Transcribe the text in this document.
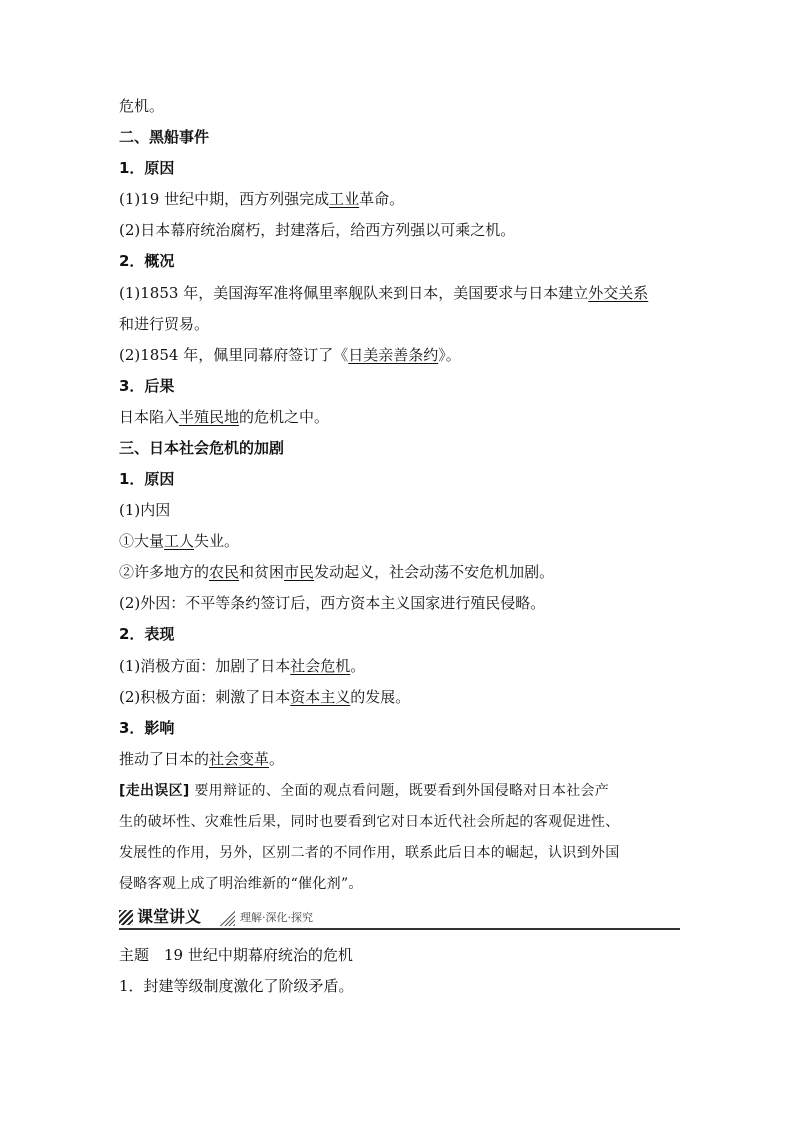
危机。
二、黑船事件
1．原因
(1)19 世纪中期，西方列强完成工业革命。
(2)日本幕府统治腐朽，封建落后，给西方列强以可乘之机。
2．概况
(1)1853 年，美国海军准将佩里率舰队来到日本，美国要求与日本建立外交关系
和进行贸易。
(2)1854 年，佩里同幕府签订了《日美亲善条约》。
3．后果
日本陷入半殖民地的危机之中。
三、日本社会危机的加剧
1．原因
(1)内因
①大量工人失业。
②许多地方的农民和贫困市民发动起义，社会动荡不安危机加剧。
(2)外因：不平等条约签订后，西方资本主义国家进行殖民侵略。
2．表现
(1)消极方面：加剧了日本社会危机。
(2)积极方面：刺激了日本资本主义的发展。
3．影响
推动了日本的社会变革。
[走出误区] 要用辩证的、全面的观点看问题，既要看到外国侵略对日本社会产
生的破坏性、灾难性后果，同时也要看到它对日本近代社会所起的客观促进性、
发展性的作用，另外，区别二者的不同作用，联系此后日本的崛起，认识到外国
侵略客观上成了明治维新的“催化剂”。
课堂讲义	理解·深化·探究
主题　19 世纪中期幕府统治的危机
1．封建等级制度激化了阶级矛盾。
